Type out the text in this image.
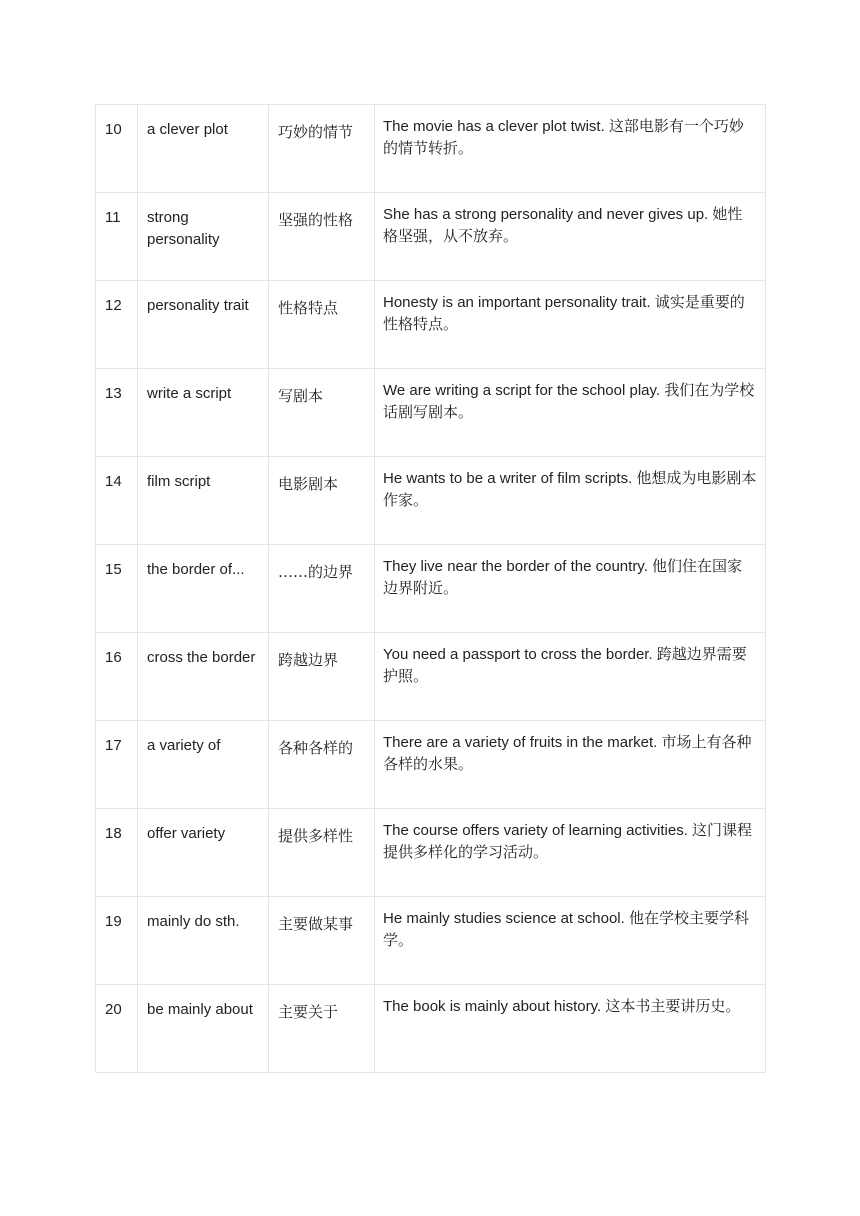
10	a clever plot	巧妙的情节	The movie has a clever plot twist. 这部电影有一个巧妙的情节转折。

11	strong personality	坚强的性格	She has a strong personality and never gives up. 她性格坚强，从不放弃。

12	personality trait	性格特点	Honesty is an important personality trait. 诚实是重要的性格特点。

13	write a script	写剧本	We are writing a script for the school play. 我们在为学校话剧写剧本。

14	film script	电影剧本	He wants to be a writer of film scripts. 他想成为电影剧本作家。

15	the border of...	……的边界	They live near the border of the country. 他们住在国家边界附近。

16	cross the border	跨越边界	You need a passport to cross the border. 跨越边界需要护照。

17	a variety of	各种各样的	There are a variety of fruits in the market. 市场上有各种各样的水果。

18	offer variety	提供多样性	The course offers variety of learning activities. 这门课程提供多样化的学习活动。

19	mainly do sth.	主要做某事	He mainly studies science at school. 他在学校主要学科学。

20	be mainly about	主要关于	The book is mainly about history. 这本书主要讲历史。
